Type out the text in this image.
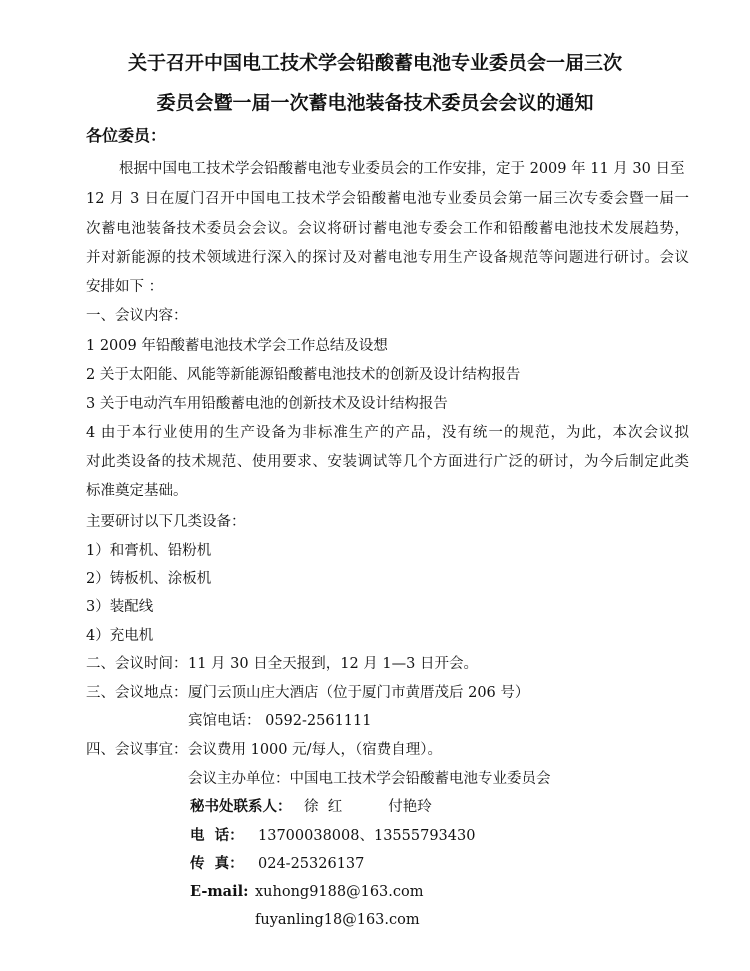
关于召开中国电工技术学会铅酸蓄电池专业委员会一届三次
委员会暨一届一次蓄电池装备技术委员会会议的通知
各位委员：
根据中国电工技术学会铅酸蓄电池专业委员会的工作安排，定于 2009 年 11 月 30 日至
12 月 3 日在厦门召开中国电工技术学会铅酸蓄电池专业委员会第一届三次专委会暨一届一
次蓄电池装备技术委员会会议。会议将研讨蓄电池专委会工作和铅酸蓄电池技术发展趋势，
并对新能源的技术领域进行深入的探讨及对蓄电池专用生产设备规范等问题进行研讨。会议
安排如下 ：
一、会议内容：
1 2009 年铅酸蓄电池技术学会工作总结及设想
2 关于太阳能、风能等新能源铅酸蓄电池技术的创新及设计结构报告
3 关于电动汽车用铅酸蓄电池的创新技术及设计结构报告
4 由于本行业使用的生产设备为非标准生产的产品，没有统一的规范，为此，本次会议拟
对此类设备的技术规范、使用要求、安装调试等几个方面进行广泛的研讨，为今后制定此类
标准奠定基础。
主要研讨以下几类设备：
1）和膏机、铅粉机
2）铸板机、涂板机
3）装配线
4）充电机
二、会议时间： 11 月 30 日全天报到，12 月 1—3 日开会。
三、会议地点： 厦门云顶山庄大酒店（位于厦门市黄厝茂后 206 号）
宾馆电话： 0592-2561111
四、会议事宜： 会议费用 1000 元/每人，（宿费自理）。
会议主办单位：中国电工技术学会铅酸蓄电池专业委员会
秘书处联系人： 徐  红          付艳玲
电  话： 13700038008、13555793430
传  真： 024-25326137
E-mail: xuhong9188@163.com
fuyanling18@163.com
